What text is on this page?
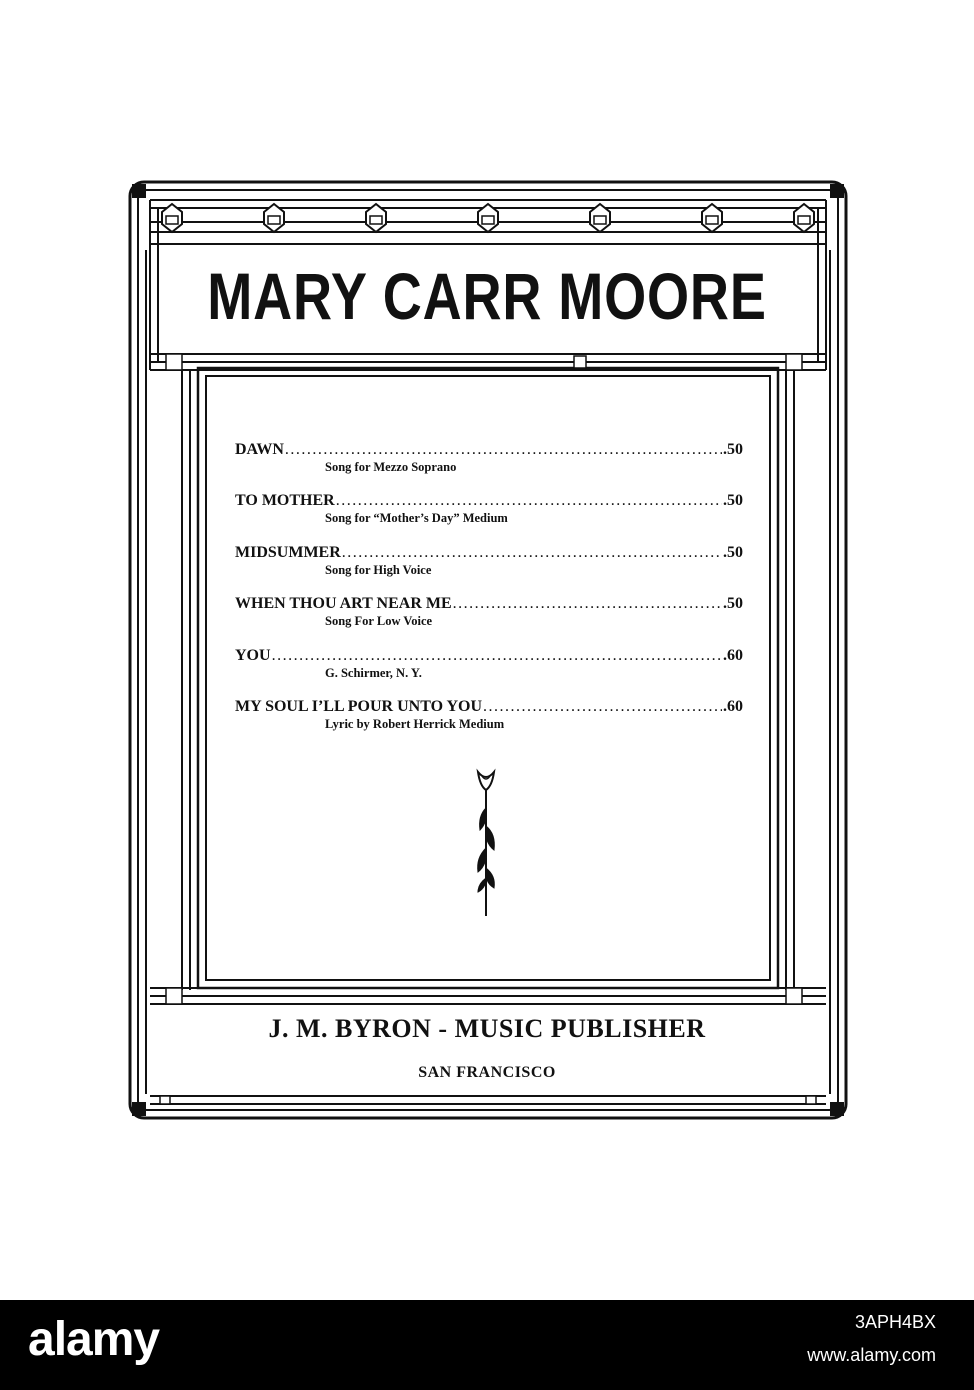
MARY CARR MOORE
DAWN .....	.50
Song for Mezzo Soprano
TO MOTHER .....	.50
Song for “Mother’s Day” Medium
MIDSUMMER .....	.50
Song for High Voice
WHEN THOU ART NEAR ME .....	.50
Song For Low Voice
YOU .....	.60
G. Schirmer, N. Y.
MY SOUL I’LL POUR UNTO YOU .....	.60
Lyric by Robert Herrick Medium
J. M. BYRON - MUSIC PUBLISHER
SAN FRANCISCO
alamy	3APH4BX
www.alamy.com
